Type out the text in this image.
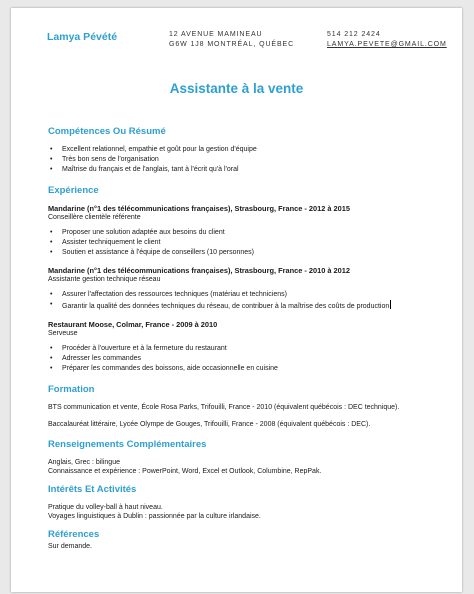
Lamya Pévété	12 AVENUE MAMINEAU
G6W 1J8 MONTRÉAL, QUÉBEC
514 212 2424
LAMYA.PEVETE@GMAIL.COM
Assistante à la vente
Compétences Ou Résumé
• Excellent relationnel, empathie et goût pour la gestion d'équipe
• Très bon sens de l'organisation
• Maîtrise du français et de l'anglais, tant à l'écrit qu'à l'oral
Expérience
Mandarine (n°1 des télécommunications françaises), Strasbourg, France - 2012 à 2015
Conseillère clientèle référente
• Proposer une solution adaptée aux besoins du client
• Assister techniquement le client
• Soutien et assistance à l'équipe de conseillers (10 personnes)
Mandarine (n°1 des télécommunications françaises), Strasbourg, France - 2010 à 2012
Assistante gestion technique réseau
• Assurer l'affectation des ressources techniques (matériau et techniciens)
• Garantir la qualité des données techniques du réseau, de contribuer à la maîtrise des coûts de production
Restaurant Moose, Colmar, France - 2009 à 2010
Serveuse
• Procéder à l'ouverture et à la fermeture du restaurant
• Adresser les commandes
• Préparer les commandes des boissons, aide occasionnelle en cuisine
Formation
BTS communication et vente, École Rosa Parks, Trifouilli, France - 2010 (équivalent québécois : DEC technique).
Baccalauréat littéraire, Lycée Olympe de Gouges, Trifouilli, France - 2008 (équivalent québécois : DEC).
Renseignements Complémentaires
Anglais, Grec : bilingue
Connaissance et expérience : PowerPoint, Word, Excel et Outlook, Columbine, RepPak.
Intérêts Et Activités
Pratique du volley-ball à haut niveau.
Voyages linguistiques à Dublin : passionnée par la culture irlandaise.
Références
Sur demande.
